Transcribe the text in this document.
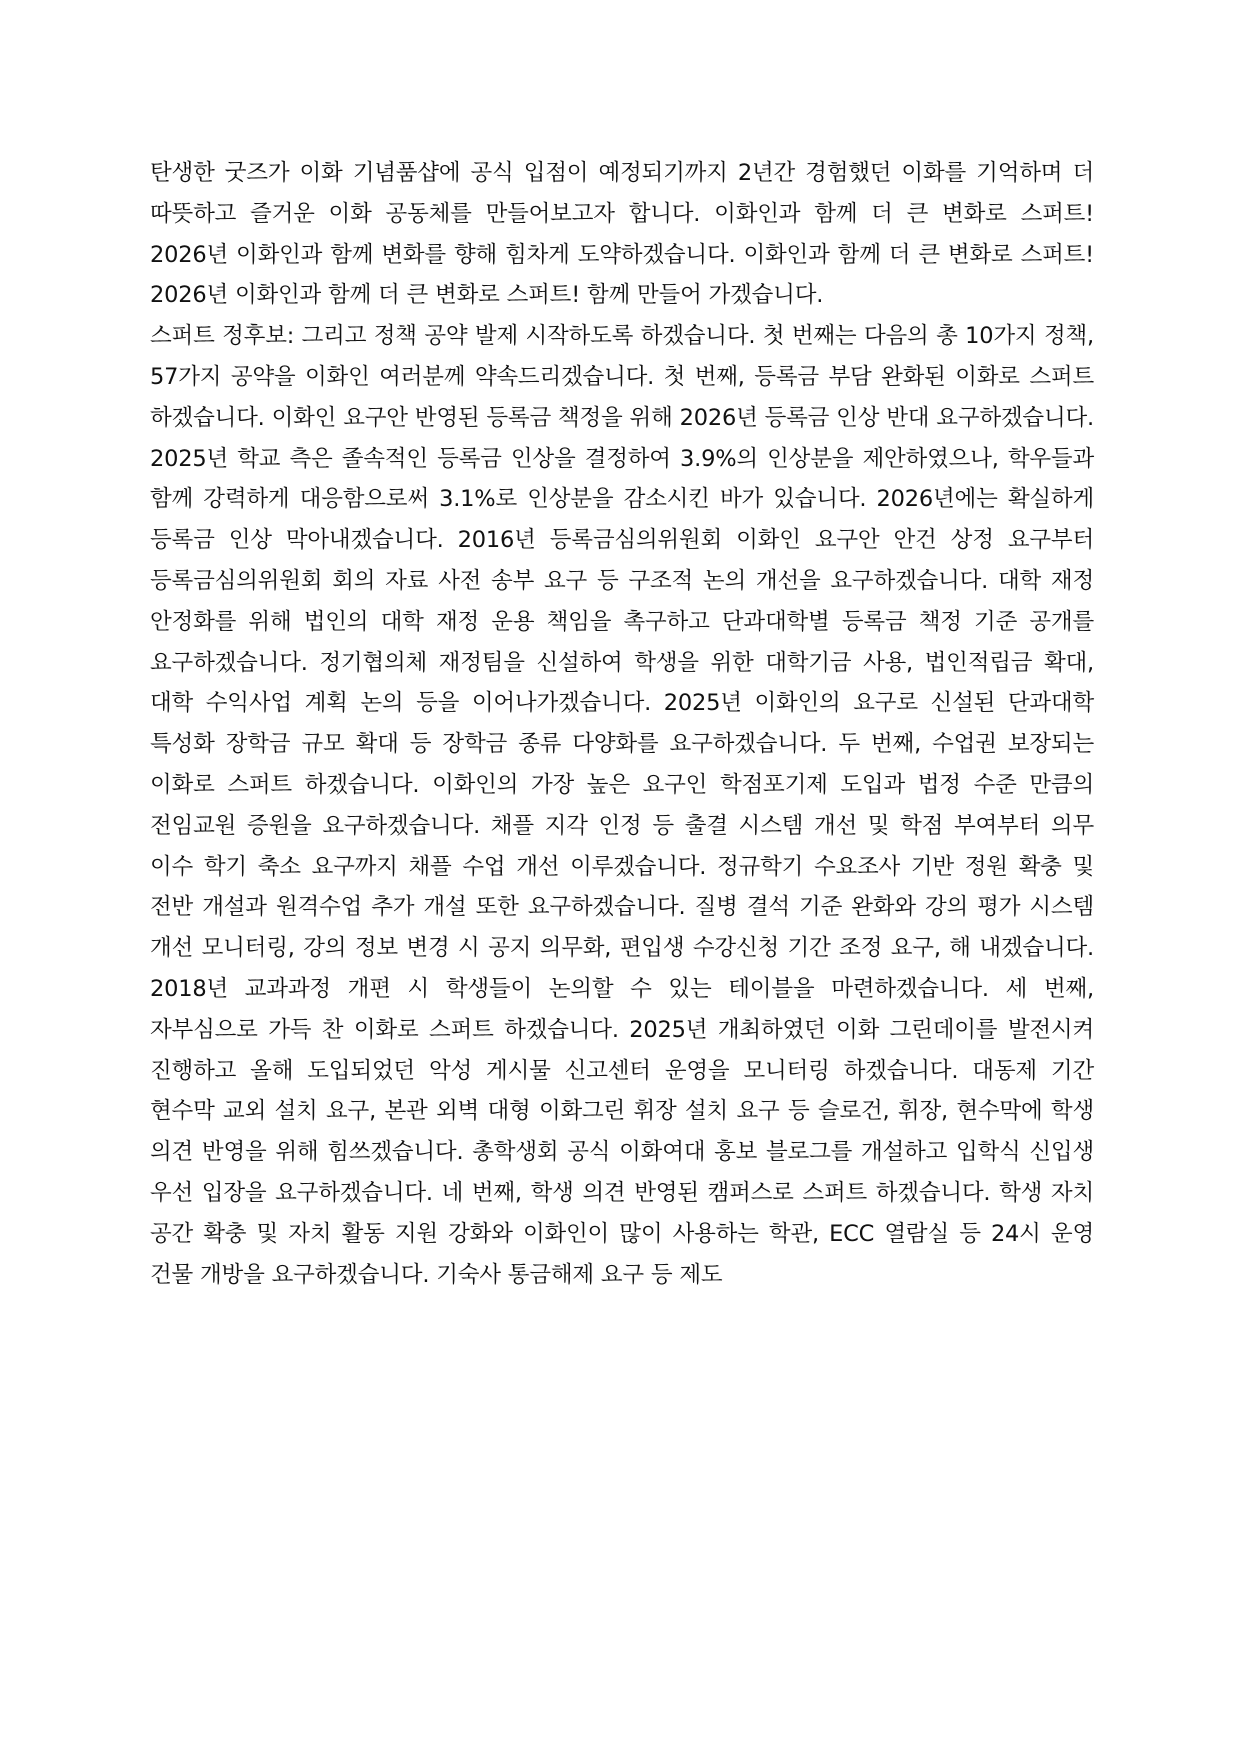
탄생한 굿즈가 이화 기념품샵에 공식 입점이 예정되기까지 2년간 경험했던 이화를 기억하며 더 따뜻하고 즐거운 이화 공동체를 만들어보고자 합니다. 이화인과 함께 더 큰 변화로 스퍼트! 2026년 이화인과 함께 변화를 향해 힘차게 도약하겠습니다. 이화인과 함께 더 큰 변화로 스퍼트! 2026년 이화인과 함께 더 큰 변화로 스퍼트! 함께 만들어 가겠습니다.

스퍼트 정후보: 그리고 정책 공약 발제 시작하도록 하겠습니다. 첫 번째는 다음의 총 10가지 정책, 57가지 공약을 이화인 여러분께 약속드리겠습니다. 첫 번째, 등록금 부담 완화된 이화로 스퍼트 하겠습니다. 이화인 요구안 반영된 등록금 책정을 위해 2026년 등록금 인상 반대 요구하겠습니다. 2025년 학교 측은 졸속적인 등록금 인상을 결정하여 3.9%의 인상분을 제안하였으나, 학우들과 함께 강력하게 대응함으로써 3.1%로 인상분을 감소시킨 바가 있습니다. 2026년에는 확실하게 등록금 인상 막아내겠습니다. 2016년 등록금심의위원회 이화인 요구안 안건 상정 요구부터 등록금심의위원회 회의 자료 사전 송부 요구 등 구조적 논의 개선을 요구하겠습니다. 대학 재정 안정화를 위해 법인의 대학 재정 운용 책임을 촉구하고 단과대학별 등록금 책정 기준 공개를 요구하겠습니다. 정기협의체 재정팀을 신설하여 학생을 위한 대학기금 사용, 법인적립금 확대, 대학 수익사업 계획 논의 등을 이어나가겠습니다. 2025년 이화인의 요구로 신설된 단과대학 특성화 장학금 규모 확대 등 장학금 종류 다양화를 요구하겠습니다. 두 번째, 수업권 보장되는 이화로 스퍼트 하겠습니다. 이화인의 가장 높은 요구인 학점포기제 도입과 법정 수준 만큼의 전임교원 증원을 요구하겠습니다. 채플 지각 인정 등 출결 시스템 개선 및 학점 부여부터 의무 이수 학기 축소 요구까지 채플 수업 개선 이루겠습니다. 정규학기 수요조사 기반 정원 확충 및 전반 개설과 원격수업 추가 개설 또한 요구하겠습니다. 질병 결석 기준 완화와 강의 평가 시스템 개선 모니터링, 강의 정보 변경 시 공지 의무화, 편입생 수강신청 기간 조정 요구, 해 내겠습니다. 2018년 교과과정 개편 시 학생들이 논의할 수 있는 테이블을 마련하겠습니다. 세 번째, 자부심으로 가득 찬 이화로 스퍼트 하겠습니다. 2025년 개최하였던 이화 그린데이를 발전시켜 진행하고 올해 도입되었던 악성 게시물 신고센터 운영을 모니터링 하겠습니다. 대동제 기간 현수막 교외 설치 요구, 본관 외벽 대형 이화그린 휘장 설치 요구 등 슬로건, 휘장, 현수막에 학생 의견 반영을 위해 힘쓰겠습니다. 총학생회 공식 이화여대 홍보 블로그를 개설하고 입학식 신입생 우선 입장을 요구하겠습니다. 네 번째, 학생 의견 반영된 캠퍼스로 스퍼트 하겠습니다. 학생 자치 공간 확충 및 자치 활동 지원 강화와 이화인이 많이 사용하는 학관, ECC 열람실 등 24시 운영 건물 개방을 요구하겠습니다. 기숙사 통금해제 요구 등 제도
